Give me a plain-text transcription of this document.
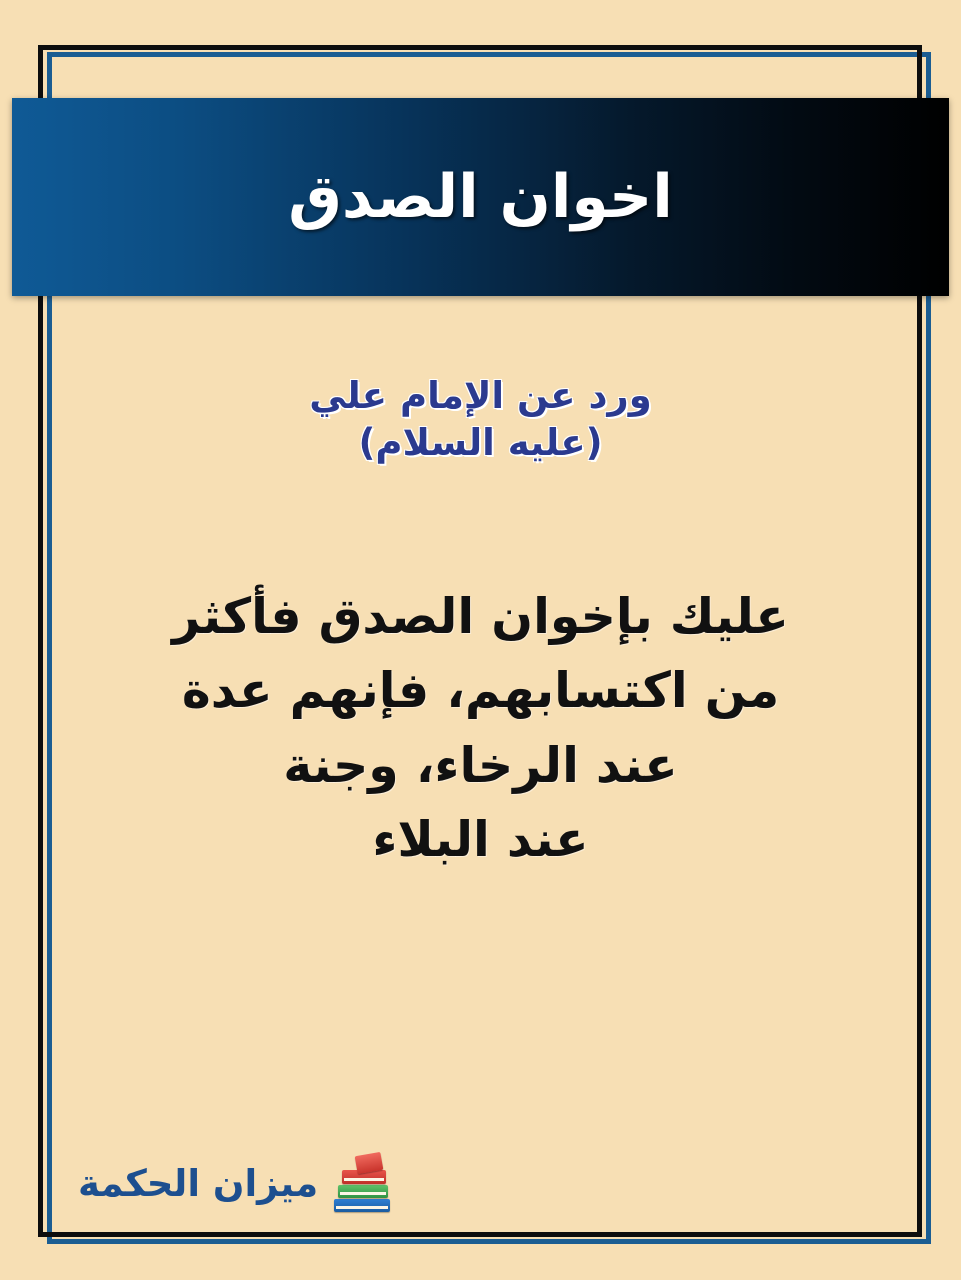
اخوان الصدق
ورد عن الإمام علي
(عليه السلام)
عليك بإخوان الصدق فأكثر
من اكتسابهم، فإنهم عدة
عند الرخاء، وجنة
عند البلاء
ميزان الحكمة
